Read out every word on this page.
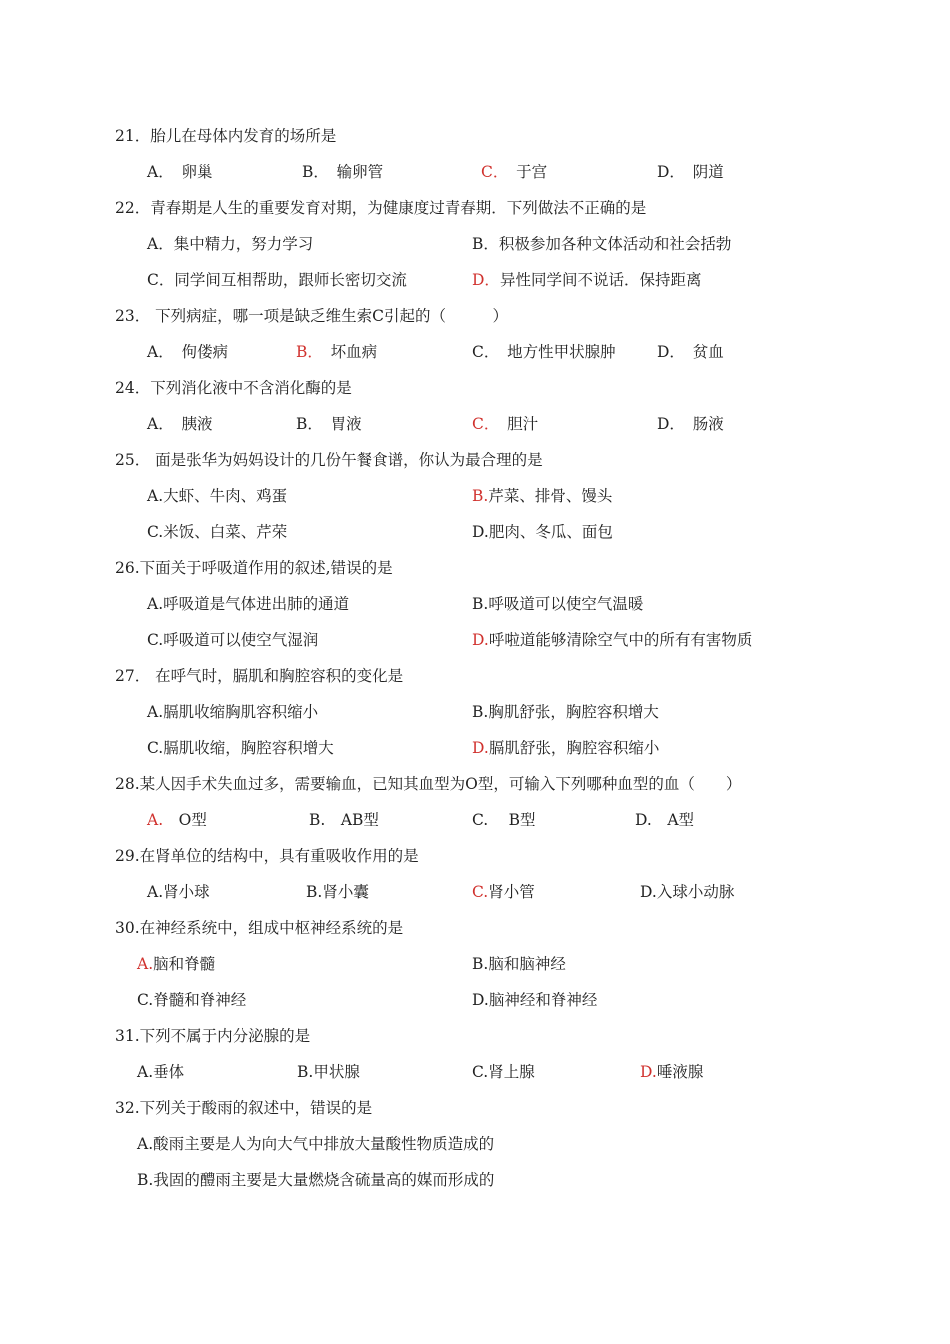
21．胎儿在母体内发育的场所是
A．　卵巢	B．　输卵管	C．　于宫	D．　阴道
22．青春期是人生的重要发育对期，为健康度过青春期．下列做法不正确的是
A．集中精力，努力学习	B．积极参加各种文体活动和社会括勃
C．同学间互相帮助，跟师长密切交流	D．异性同学间不说话．保持距离
23． 下列病症，哪一项是缺乏维生索C引起的（　　　）
A．　佝偻病	B．　坏血病	C．　地方性甲状腺肿	D．　贫血
24．下列消化液中不含消化酶的是
A．　胰液	B．　胃液	C．　胆汁	D．　肠液
25． 面是张华为妈妈设计的几份午餐食谱，你认为最合理的是
A.大虾、牛肉、鸡蛋	B.芹菜、排骨、馒头
C.米饭、白菜、芹荣	D.肥肉、冬瓜、面包
26.下面关于呼吸道作用的叙述,错误的是
A.呼吸道是气体进出肺的通道	B.呼吸道可以使空气温暖
C.呼吸道可以使空气湿润	D.呼啦道能够清除空气中的所有有害物质
27． 在呼气时，膈肌和胸腔容积的变化是
A.膈肌收缩胸肌容积缩小	B.胸肌舒张，胸腔容积增大
C.膈肌收缩，胸腔容积增大	D.膈肌舒张，胸腔容积缩小
28.某人因手术失血过多，需要输血，已知其血型为O型，可输入下列哪种血型的血（　　）
A.　O型	B.　AB型	C.　 B型	D.　A型
29.在肾单位的结构中，具有重吸收作用的是
A.肾小球	B.肾小囊	C.肾小管	D.入球小动脉
30.在神经系统中，组成中枢神经系统的是
A.脑和脊髓	B.脑和脑神经
C.脊髓和脊神经	D.脑神经和脊神经
31.下列不属于内分泌腺的是
A.垂体	B.甲状腺	C.肾上腺	D.唾液腺
32.下列关于酸雨的叙述中，错误的是
A.酸雨主要是人为向大气中排放大量酸性物质造成的
B.我固的醴雨主要是大量燃烧含硫量高的媒而形成的
